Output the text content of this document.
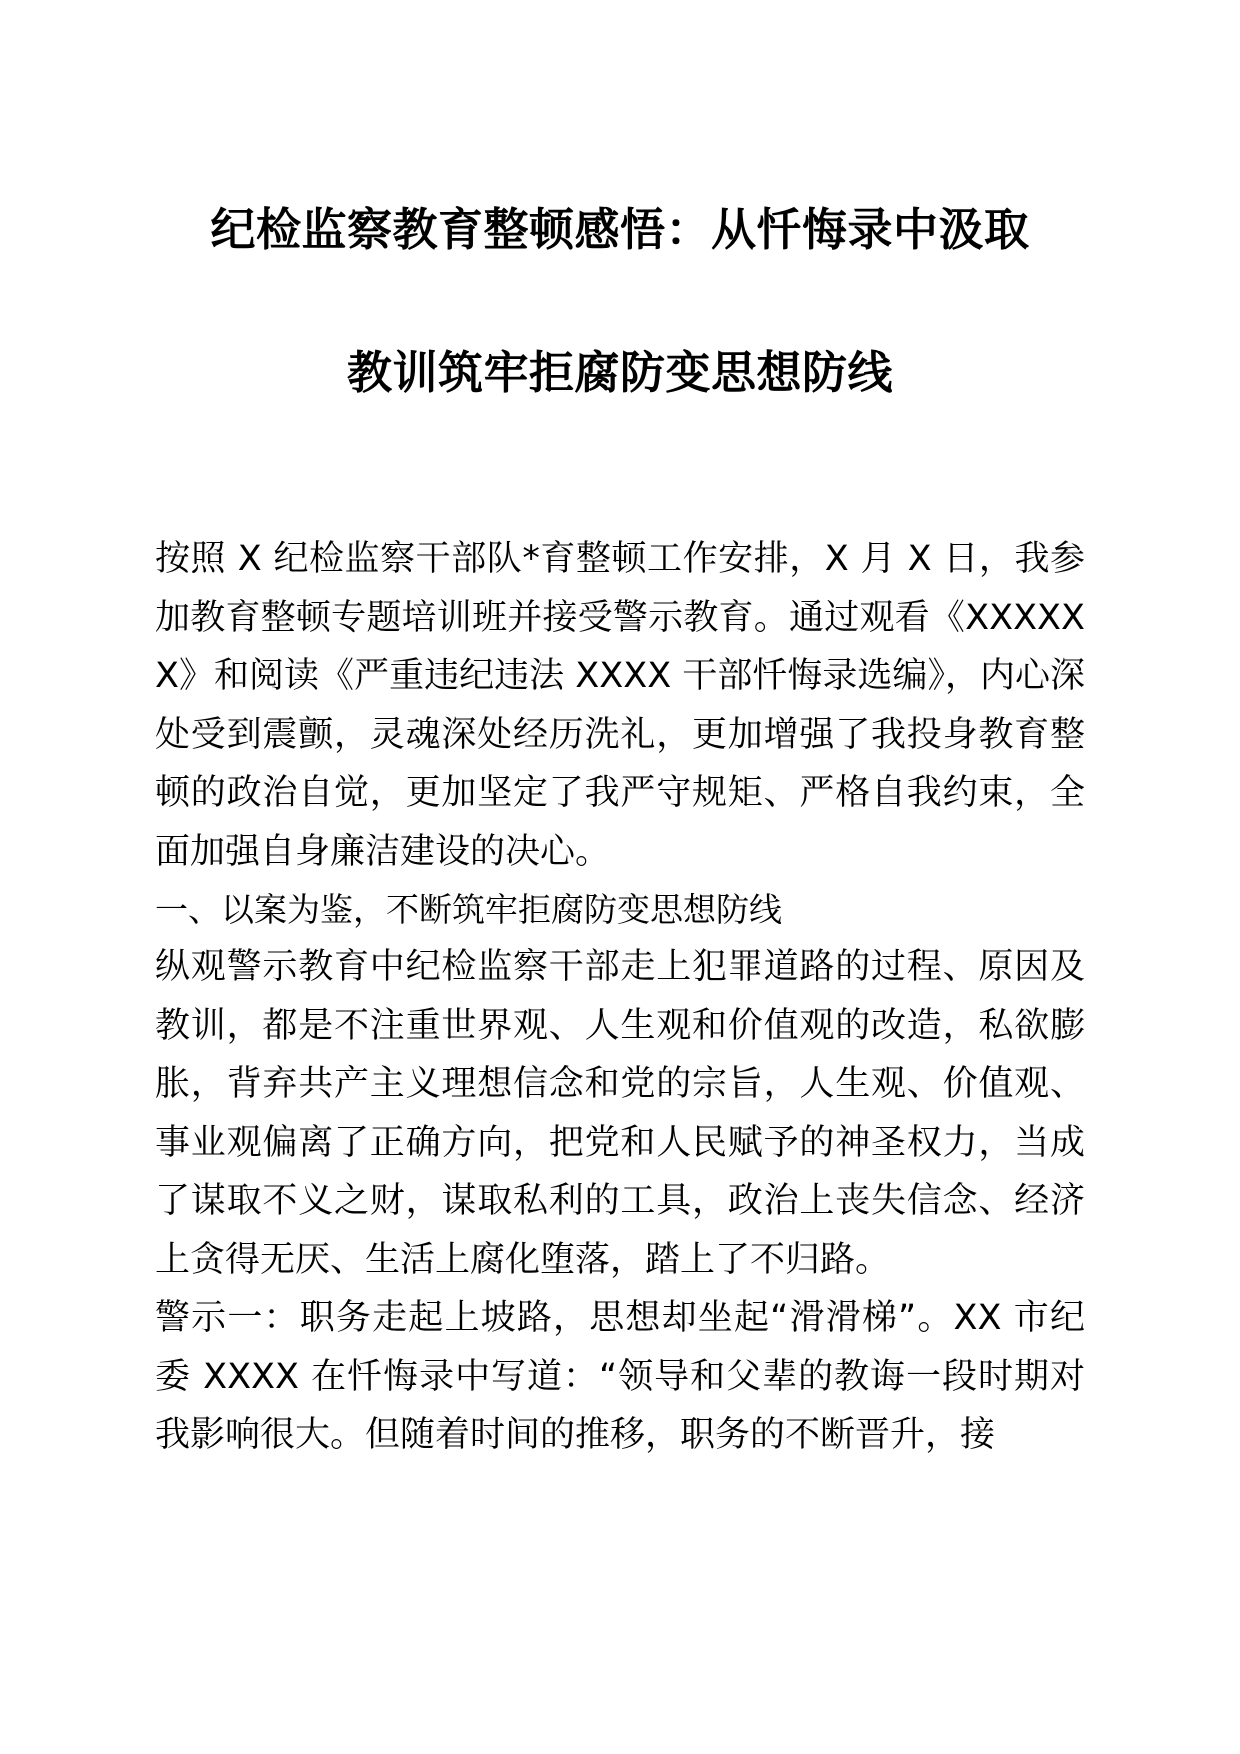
纪检监察教育整顿感悟：从忏悔录中汲取
教训筑牢拒腐防变思想防线

按照 X 纪检监察干部队*育整顿工作安排，X 月 X 日，我参加教育整顿专题培训班并接受警示教育。通过观看《XXXXXX》和阅读《严重违纪违法 XXXX 干部忏悔录选编》，内心深处受到震颤，灵魂深处经历洗礼，更加增强了我投身教育整顿的政治自觉，更加坚定了我严守规矩、严格自我约束，全面加强自身廉洁建设的决心。

一、以案为鉴，不断筑牢拒腐防变思想防线

纵观警示教育中纪检监察干部走上犯罪道路的过程、原因及教训，都是不注重世界观、人生观和价值观的改造，私欲膨胀，背弃共产主义理想信念和党的宗旨，人生观、价值观、事业观偏离了正确方向，把党和人民赋予的神圣权力，当成了谋取不义之财，谋取私利的工具，政治上丧失信念、经济上贪得无厌、生活上腐化堕落，踏上了不归路。

警示一：职务走起上坡路，思想却坐起“滑滑梯”。XX 市纪委 XXXX 在忏悔录中写道：“领导和父辈的教诲一段时期对我影响很大。但随着时间的推移，职务的不断晋升，接
